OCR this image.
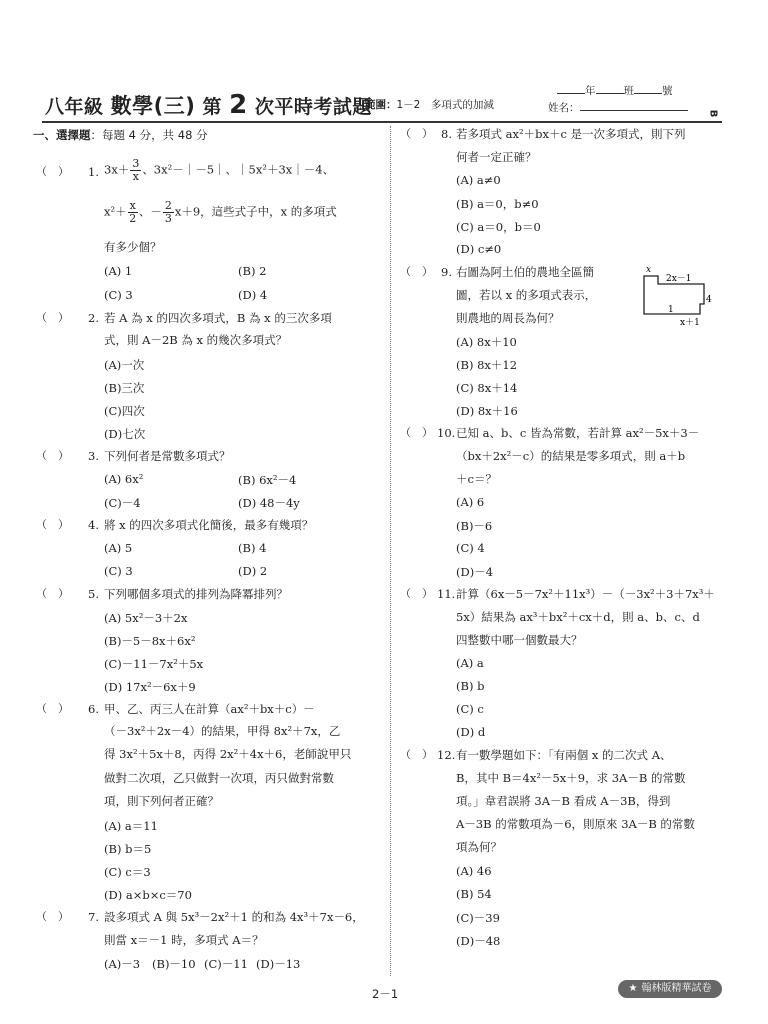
八年級 數學(三) 第 2 次平時考試題
範圍：1－2　多項式的加減
年	班	號
姓名：	B
一、選擇題：每題 4 分，共 48 分
（　） 1. $3x+ \frac{3}{x}$ 、3x²－｜－5｜、｜5x²＋3x｜－4、
$x^2+ \frac{x}{2}$ 、－ $\frac{2}{3} x+9$，這些式子中，x 的多項式
有多少個？
(A) 1	(B) 2
(C) 3	(D) 4
（　） 2. 若 A 為 x 的四次多項式，B 為 x 的三次多項
式，則 A－2B 為 x 的幾次多項式？
(A)一次
(B)三次
(C)四次
(D)七次
（　） 3. 下列何者是常數多項式？
(A) 6x²	(B) 6x²－4
(C)－4	(D) 48－4y
（　） 4. 將 x 的四次多項式化簡後，最多有幾項？
(A) 5	(B) 4
(C) 3	(D) 2
（　） 5. 下列哪個多項式的排列為降冪排列？
(A) 5x²－3＋2x
(B)－5－8x＋6x²
(C)－11－7x²＋5x
(D) 17x²－6x＋9
（　） 6. 甲、乙、丙三人在計算（ax²＋bx＋c）－
（－3x²＋2x－4）的結果，甲得 8x²＋7x，乙
得 3x²＋5x＋8，丙得 2x²＋4x＋6，老師說甲只
做對二次項，乙只做對一次項，丙只做對常數
項，則下列何者正確？
(A) a＝11
(B) b＝5
(C) c＝3
(D) a×b×c＝70
（　） 7. 設多項式 A 與 5x³－2x²＋1 的和為 4x³＋7x－6，
則當 x＝－1 時，多項式 A＝？
(A)－3 (B)－10 (C)－11 (D)－13
（　） 8. 若多項式 ax²＋bx＋c 是一次多項式，則下列
何者一定正確？
(A) a≠0
(B) a＝0，b≠0
(C) a＝0，b＝0
(D) c≠0
（　） 9. 右圖為阿土伯的農地全區簡
圖，若以 x 的多項式表示，
則農地的周長為何？
x
2x－1
4
1
x＋1
(A) 8x＋10
(B) 8x＋12
(C) 8x＋14
(D) 8x＋16
（　） 10. 已知 a、b、c 皆為常數，若計算 ax²－5x＋3－
（bx＋2x²－c）的結果是零多項式，則 a＋b
＋c＝？
(A) 6
(B)－6
(C) 4
(D)－4
（　） 11. 計算（6x－5－7x²＋11x³）－（－3x²＋3＋7x³＋
5x）結果為 ax³＋bx²＋cx＋d，則 a、b、c、d
四整數中哪一個數最大？
(A) a
(B) b
(C) c
(D) d
（　） 12. 有一數學題如下：「有兩個 x 的二次式 A、
B，其中 B＝4x²－5x＋9，求 3A－B 的常數
項。」韋君誤將 3A－B 看成 A－3B，得到
A－3B 的常數項為－6，則原來 3A－B 的常數
項為何？
(A) 46
(B) 54
(C)－39
(D)－48
2－1	★ 翰林版精華試卷
